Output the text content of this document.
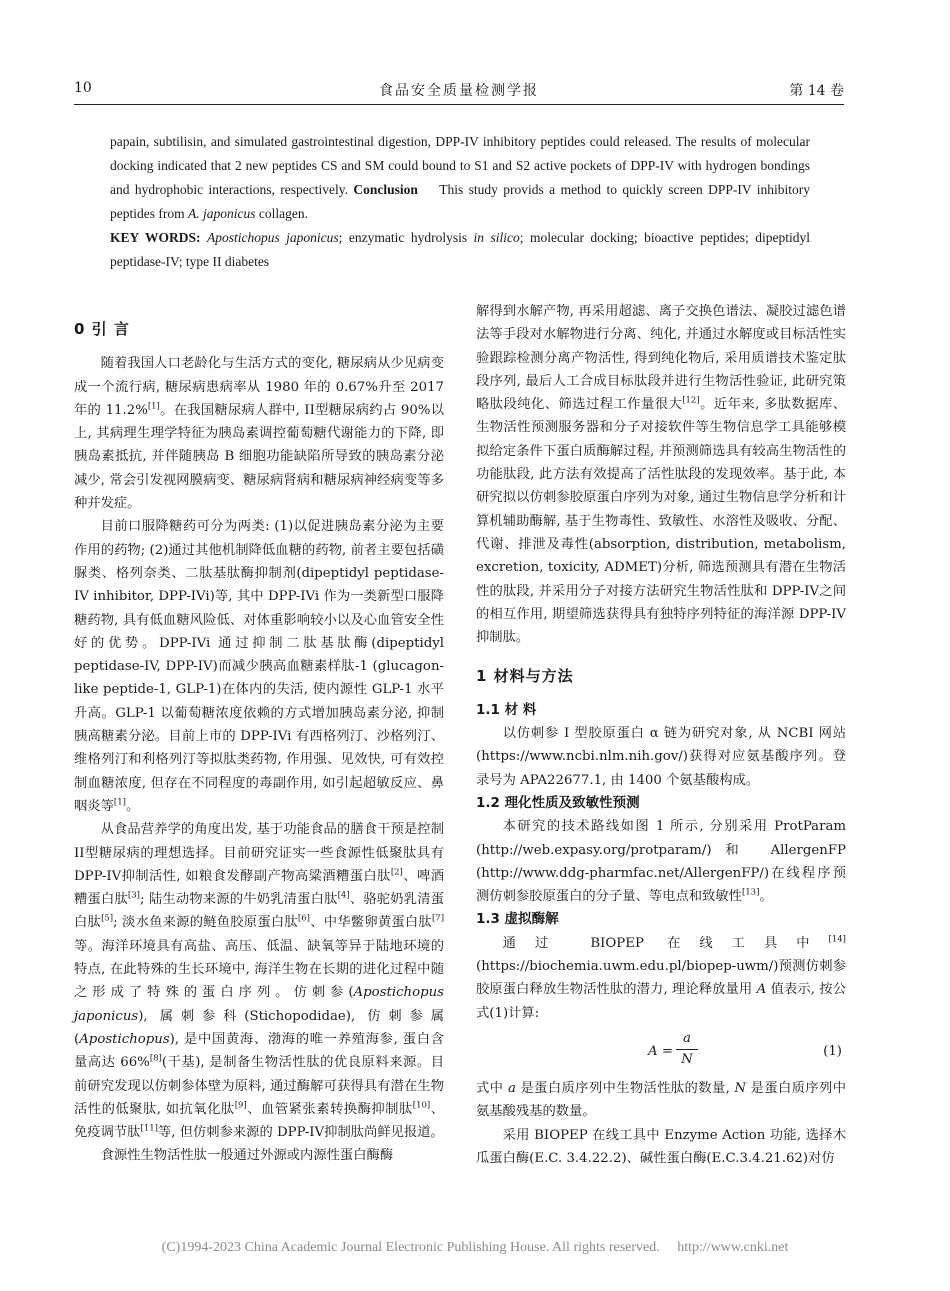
10	食品安全质量检测学报	第 14 卷

papain, subtilisin, and simulated gastrointestinal digestion, DPP-IV inhibitory peptides could released. The results of molecular docking indicated that 2 new peptides CS and SM could bound to S1 and S2 active pockets of DPP-IV with hydrogen bondings and hydrophobic interactions, respectively. Conclusion This study provids a method to quickly screen DPP-IV inhibitory peptides from A. japonicus collagen.

KEY WORDS: Apostichopus japonicus; enzymatic hydrolysis in silico; molecular docking; bioactive peptides; dipeptidyl peptidase-IV; type II diabetes

0 引 言

随着我国人口老龄化与生活方式的变化, 糖尿病从少见病变成一个流行病, 糖尿病患病率从 1980 年的 0.67%升至 2017 年的 11.2%[1]。在我国糖尿病人群中, II型糖尿病约占 90%以上, 其病理生理学特征为胰岛素调控葡萄糖代谢能力的下降, 即胰岛素抵抗, 并伴随胰岛 B 细胞功能缺陷所导致的胰岛素分泌减少, 常会引发视网膜病变、糖尿病肾病和糖尿病神经病变等多种并发症。

目前口服降糖药可分为两类: (1)以促进胰岛素分泌为主要作用的药物; (2)通过其他机制降低血糖的药物, 前者主要包括磺脲类、格列奈类、二肽基肽酶抑制剂(dipeptidyl peptidase-IV inhibitor, DPP-IVi)等, 其中 DPP-IVi 作为一类新型口服降糖药物, 具有低血糖风险低、对体重影响较小以及心血管安全性好的优势。DPP-IVi 通过抑制二肽基肽酶(dipeptidyl peptidase-IV, DPP-IV)而减少胰高血糖素样肽-1 (glucagon-like peptide-1, GLP-1)在体内的失活, 使内源性 GLP-1 水平升高。GLP-1 以葡萄糖浓度依赖的方式增加胰岛素分泌, 抑制胰高糖素分泌。目前上市的 DPP-IVi 有西格列汀、沙格列汀、维格列汀和利格列汀等拟肽类药物, 作用强、见效快, 可有效控制血糖浓度, 但存在不同程度的毒副作用, 如引起超敏反应、鼻咽炎等[1]。

从食品营养学的角度出发, 基于功能食品的膳食干预是控制II型糖尿病的理想选择。目前研究证实一些食源性低聚肽具有 DPP-IV抑制活性, 如粮食发酵副产物高粱酒糟蛋白肽[2]、啤酒糟蛋白肽[3]; 陆生动物来源的牛奶乳清蛋白肽[4]、骆驼奶乳清蛋白肽[5]; 淡水鱼来源的鲢鱼胶原蛋白肽[6]、中华鳖卵黄蛋白肽[7]等。海洋环境具有高盐、高压、低温、缺氧等异于陆地环境的特点, 在此特殊的生长环境中, 海洋生物在长期的进化过程中随之形成了特殊的蛋白序列。仿刺参(Apostichopus japonicus), 属刺参科(Stichopodidae), 仿刺参属(Apostichopus), 是中国黄海、渤海的唯一养殖海参, 蛋白含量高达 66%[8](干基), 是制备生物活性肽的优良原料来源。目前研究发现以仿刺参体壁为原料, 通过酶解可获得具有潜在生物活性的低聚肽, 如抗氧化肽[9]、血管紧张素转换酶抑制肽[10]、免疫调节肽[11]等, 但仿刺参来源的 DPP-IV抑制肽尚鲜见报道。

食源性生物活性肽一般通过外源或内源性蛋白酶酶

解得到水解产物, 再采用超滤、离子交换色谱法、凝胶过滤色谱法等手段对水解物进行分离、纯化, 并通过水解度或目标活性实验跟踪检测分离产物活性, 得到纯化物后, 采用质谱技术鉴定肽段序列, 最后人工合成目标肽段并进行生物活性验证, 此研究策略肽段纯化、筛选过程工作量很大[12]。近年来, 多肽数据库、生物活性预测服务器和分子对接软件等生物信息学工具能够模拟给定条件下蛋白质酶解过程, 并预测筛选具有较高生物活性的功能肽段, 此方法有效提高了活性肽段的发现效率。基于此, 本研究拟以仿刺参胶原蛋白序列为对象, 通过生物信息学分析和计算机辅助酶解, 基于生物毒性、致敏性、水溶性及吸收、分配、代谢、排泄及毒性(absorption, distribution, metabolism, excretion, toxicity, ADMET)分析, 筛选预测具有潜在生物活性的肽段, 并采用分子对接方法研究生物活性肽和 DPP-IV之间的相互作用, 期望筛选获得具有独特序列特征的海洋源 DPP-IV抑制肽。

1 材料与方法

1.1 材 料

以仿刺参 I 型胶原蛋白 α 链为研究对象, 从 NCBI 网站(https://www.ncbi.nlm.nih.gov/)获得对应氨基酸序列。登录号为 APA22677.1, 由 1400 个氨基酸构成。

1.2 理化性质及致敏性预测

本研究的技术路线如图 1 所示, 分别采用 ProtParam (http://web.expasy.org/protparam/)和 AllergenFP (http://www.ddg-pharmfac.net/AllergenFP/)在线程序预测仿刺参胶原蛋白的分子量、等电点和致敏性[13]。

1.3 虚拟酶解

通过 BIOPEP 在线工具中[14](https://biochemia.uwm.edu.pl/biopep-uwm/)预测仿刺参胶原蛋白释放生物活性肽的潜力, 理论释放量用 A 值表示, 按公式(1)计算:

$A = \frac{a}{N}$	(1)

式中 a 是蛋白质序列中生物活性肽的数量, N 是蛋白质序列中氨基酸残基的数量。

采用 BIOPEP 在线工具中 Enzyme Action 功能, 选择木瓜蛋白酶(E.C. 3.4.22.2)、碱性蛋白酶(E.C.3.4.21.62)对仿

(C)1994-2023 China Academic Journal Electronic Publishing House. All rights reserved. http://www.cnki.net
